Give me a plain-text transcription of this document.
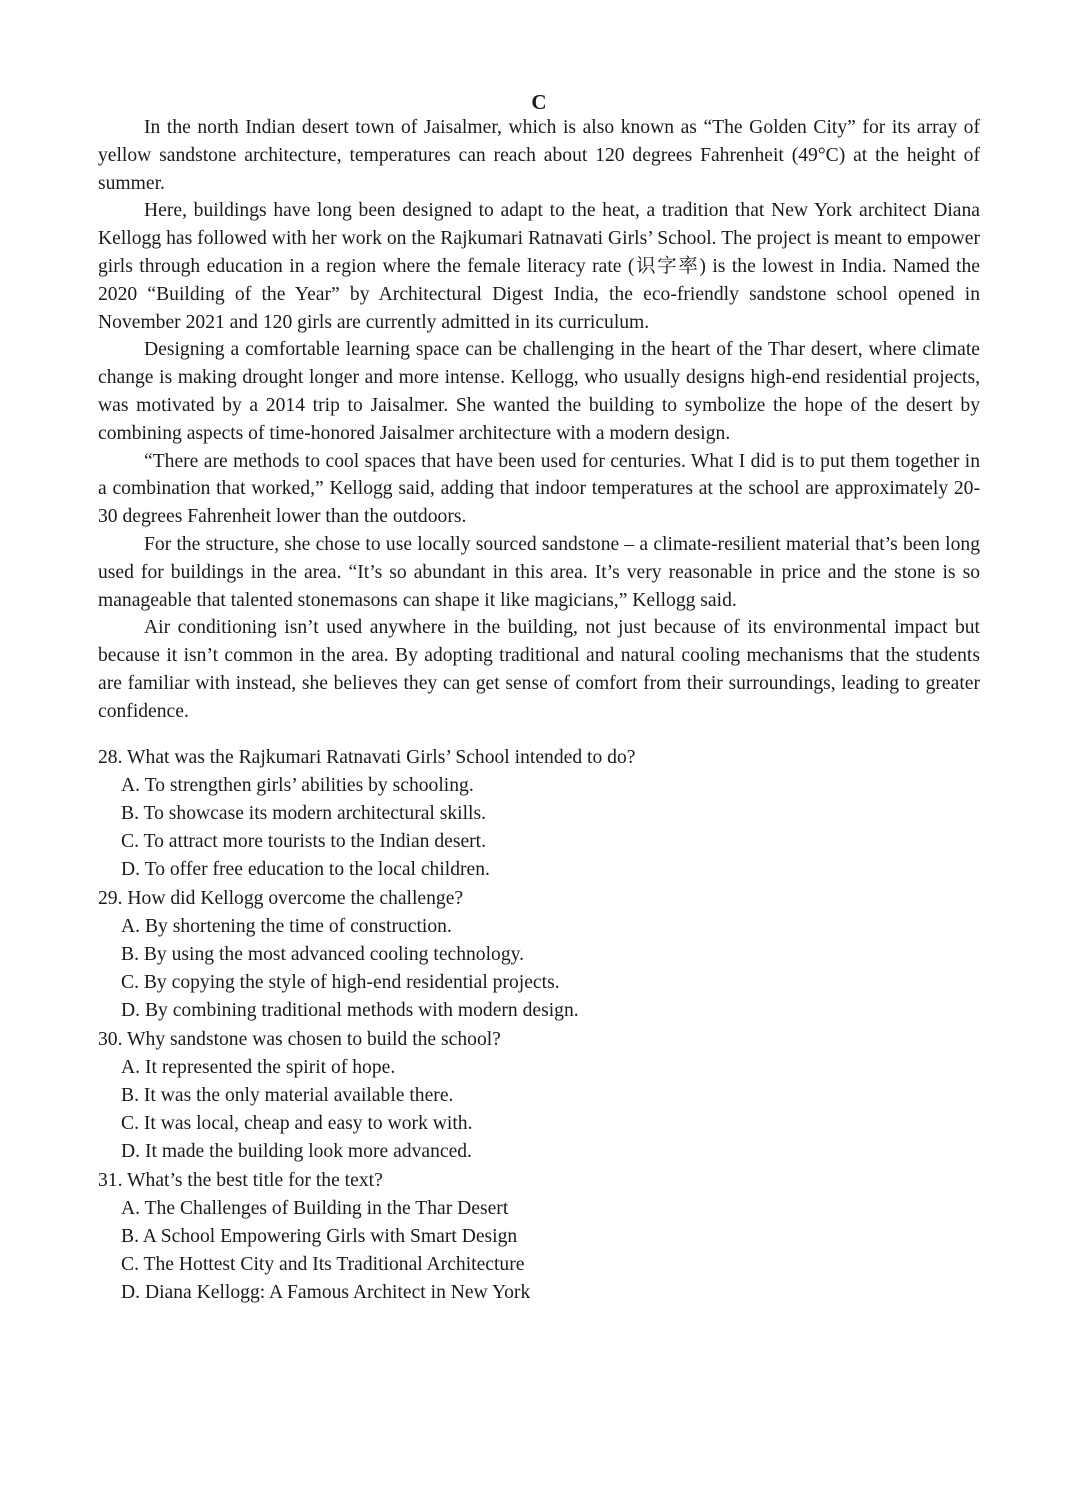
C

In the north Indian desert town of Jaisalmer, which is also known as “The Golden City” for its array of yellow sandstone architecture, temperatures can reach about 120 degrees Fahrenheit (49°C) at the height of summer.

Here, buildings have long been designed to adapt to the heat, a tradition that New York architect Diana Kellogg has followed with her work on the Rajkumari Ratnavati Girls’ School. The project is meant to empower girls through education in a region where the female literacy rate (识字率) is the lowest in India. Named the 2020 “Building of the Year” by Architectural Digest India, the eco-friendly sandstone school opened in November 2021 and 120 girls are currently admitted in its curriculum.

Designing a comfortable learning space can be challenging in the heart of the Thar desert, where climate change is making drought longer and more intense. Kellogg, who usually designs high-end residential projects, was motivated by a 2014 trip to Jaisalmer. She wanted the building to symbolize the hope of the desert by combining aspects of time-honored Jaisalmer architecture with a modern design.

“There are methods to cool spaces that have been used for centuries. What I did is to put them together in a combination that worked,” Kellogg said, adding that indoor temperatures at the school are approximately 20-30 degrees Fahrenheit lower than the outdoors.

For the structure, she chose to use locally sourced sandstone – a climate-resilient material that’s been long used for buildings in the area. “It’s so abundant in this area. It’s very reasonable in price and the stone is so manageable that talented stonemasons can shape it like magicians,” Kellogg said.

Air conditioning isn’t used anywhere in the building, not just because of its environmental impact but because it isn’t common in the area. By adopting traditional and natural cooling mechanisms that the students are familiar with instead, she believes they can get sense of comfort from their surroundings, leading to greater confidence.

28. What was the Rajkumari Ratnavati Girls’ School intended to do?

A. To strengthen girls’ abilities by schooling.

B. To showcase its modern architectural skills.

C. To attract more tourists to the Indian desert.

D. To offer free education to the local children.

29. How did Kellogg overcome the challenge?

A. By shortening the time of construction.

B. By using the most advanced cooling technology.

C. By copying the style of high-end residential projects.

D. By combining traditional methods with modern design.

30. Why sandstone was chosen to build the school?

A. It represented the spirit of hope.

B. It was the only material available there.

C. It was local, cheap and easy to work with.

D. It made the building look more advanced.

31. What’s the best title for the text?

A. The Challenges of Building in the Thar Desert

B. A School Empowering Girls with Smart Design

C. The Hottest City and Its Traditional Architecture

D. Diana Kellogg: A Famous Architect in New York
